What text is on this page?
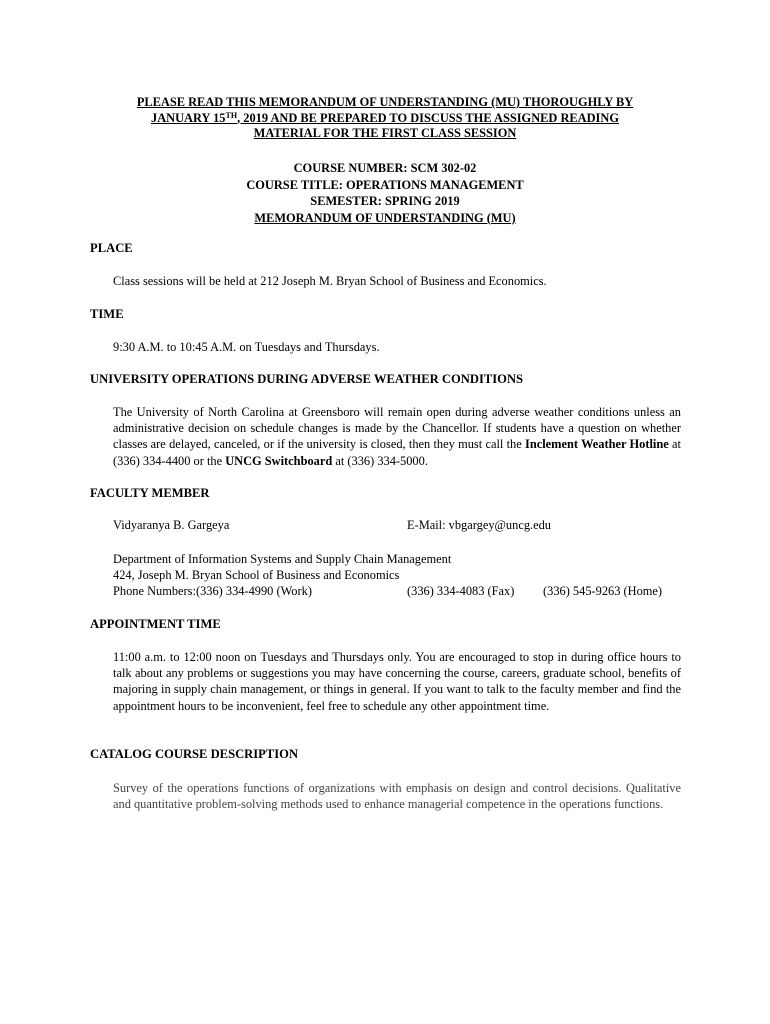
PLEASE READ THIS MEMORANDUM OF UNDERSTANDING (MU) THOROUGHLY BY
JANUARY 15TH, 2019 AND BE PREPARED TO DISCUSS THE ASSIGNED READING
MATERIAL FOR THE FIRST CLASS SESSION
COURSE NUMBER: SCM 302-02
COURSE TITLE: OPERATIONS MANAGEMENT
SEMESTER: SPRING 2019
MEMORANDUM OF UNDERSTANDING (MU)
PLACE
Class sessions will be held at 212 Joseph M. Bryan School of Business and Economics.
TIME
9:30 A.M. to 10:45 A.M. on Tuesdays and Thursdays.
UNIVERSITY OPERATIONS DURING ADVERSE WEATHER CONDITIONS
The University of North Carolina at Greensboro will remain open during adverse weather conditions unless an administrative decision on schedule changes is made by the Chancellor. If students have a question on whether classes are delayed, canceled, or if the university is closed, then they must call the Inclement Weather Hotline at (336) 334-4400 or the UNCG Switchboard at (336) 334-5000.
FACULTY MEMBER
Vidyaranya B. Gargeya	E-Mail: vbgargey@uncg.edu
Department of Information Systems and Supply Chain Management
424, Joseph M. Bryan School of Business and Economics
Phone Numbers:(336) 334-4990 (Work)	(336) 334-4083 (Fax) (336) 545-9263 (Home)
APPOINTMENT TIME
11:00 a.m. to 12:00 noon on Tuesdays and Thursdays only. You are encouraged to stop in during office hours to talk about any problems or suggestions you may have concerning the course, careers, graduate school, benefits of majoring in supply chain management, or things in general. If you want to talk to the faculty member and find the appointment hours to be inconvenient, feel free to schedule any other appointment time.
CATALOG COURSE DESCRIPTION
Survey of the operations functions of organizations with emphasis on design and control decisions. Qualitative and quantitative problem-solving methods used to enhance managerial competence in the operations functions.
